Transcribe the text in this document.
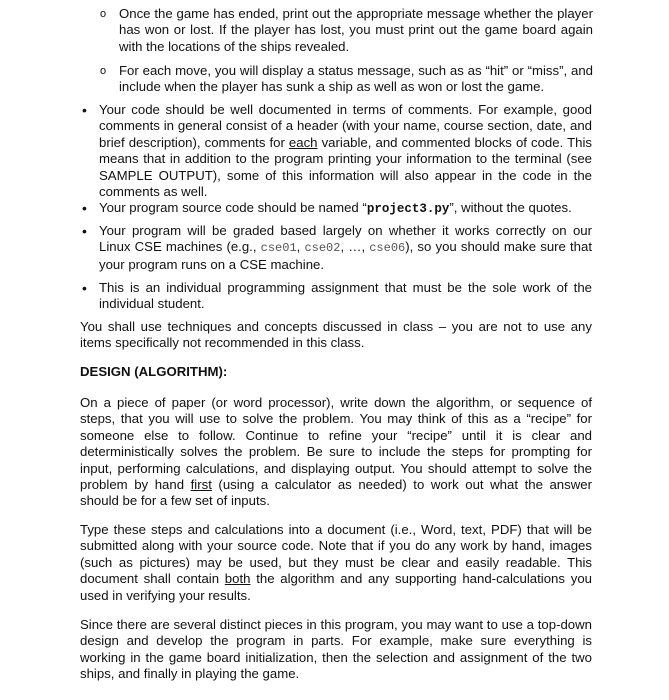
o Once the game has ended, print out the appropriate message whether the player has won or lost. If the player has lost, you must print out the game board again with the locations of the ships revealed.
o For each move, you will display a status message, such as as “hit” or “miss”, and include when the player has sunk a ship as well as won or lost the game.
• Your code should be well documented in terms of comments. For example, good comments in general consist of a header (with your name, course section, date, and brief description), comments for each variable, and commented blocks of code. This means that in addition to the program printing your information to the terminal (see SAMPLE OUTPUT), some of this information will also appear in the code in the comments as well.
• Your program source code should be named “project3.py”, without the quotes.
• Your program will be graded based largely on whether it works correctly on our Linux CSE machines (e.g., cse01, cse02, …, cse06), so you should make sure that your program runs on a CSE machine.
• This is an individual programming assignment that must be the sole work of the individual student.
You shall use techniques and concepts discussed in class – you are not to use any items specifically not recommended in this class.
DESIGN (ALGORITHM):
On a piece of paper (or word processor), write down the algorithm, or sequence of steps, that you will use to solve the problem. You may think of this as a “recipe” for someone else to follow. Continue to refine your “recipe” until it is clear and deterministically solves the problem. Be sure to include the steps for prompting for input, performing calculations, and displaying output. You should attempt to solve the problem by hand first (using a calculator as needed) to work out what the answer should be for a few set of inputs.
Type these steps and calculations into a document (i.e., Word, text, PDF) that will be submitted along with your source code. Note that if you do any work by hand, images (such as pictures) may be used, but they must be clear and easily readable. This document shall contain both the algorithm and any supporting hand-calculations you used in verifying your results.
Since there are several distinct pieces in this program, you may want to use a top-down design and develop the program in parts. For example, make sure everything is working in the game board initialization, then the selection and assignment of the two ships, and finally in playing the game.
